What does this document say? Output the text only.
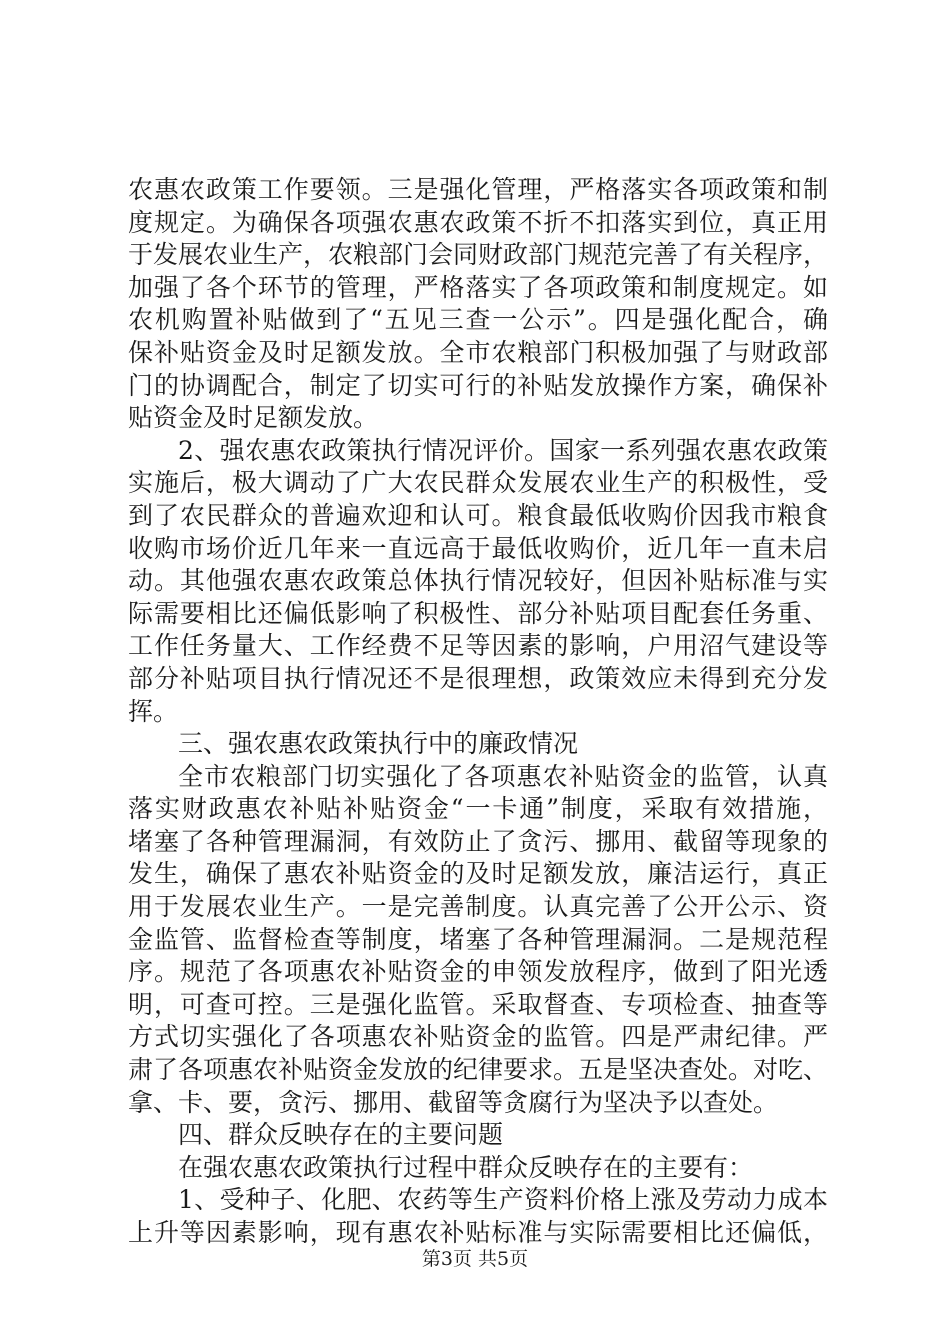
农惠农政策工作要领。三是强化管理，严格落实各项政策和制
度规定。为确保各项强农惠农政策不折不扣落实到位，真正用
于发展农业生产，农粮部门会同财政部门规范完善了有关程序，
加强了各个环节的管理，严格落实了各项政策和制度规定。如
农机购置补贴做到了“五见三查一公示”。四是强化配合，确
保补贴资金及时足额发放。全市农粮部门积极加强了与财政部
门的协调配合，制定了切实可行的补贴发放操作方案，确保补
贴资金及时足额发放。
2、强农惠农政策执行情况评价。国家一系列强农惠农政策
实施后，极大调动了广大农民群众发展农业生产的积极性，受
到了农民群众的普遍欢迎和认可。粮食最低收购价因我市粮食
收购市场价近几年来一直远高于最低收购价，近几年一直未启
动。其他强农惠农政策总体执行情况较好，但因补贴标准与实
际需要相比还偏低影响了积极性、部分补贴项目配套任务重、
工作任务量大、工作经费不足等因素的影响，户用沼气建设等
部分补贴项目执行情况还不是很理想，政策效应未得到充分发
挥。
三、强农惠农政策执行中的廉政情况
全市农粮部门切实强化了各项惠农补贴资金的监管，认真
落实财政惠农补贴补贴资金“一卡通”制度，采取有效措施，
堵塞了各种管理漏洞，有效防止了贪污、挪用、截留等现象的
发生，确保了惠农补贴资金的及时足额发放，廉洁运行，真正
用于发展农业生产。一是完善制度。认真完善了公开公示、资
金监管、监督检查等制度，堵塞了各种管理漏洞。二是规范程
序。规范了各项惠农补贴资金的申领发放程序，做到了阳光透
明，可查可控。三是强化监管。采取督查、专项检查、抽查等
方式切实强化了各项惠农补贴资金的监管。四是严肃纪律。严
肃了各项惠农补贴资金发放的纪律要求。五是坚决查处。对吃、
拿、卡、要，贪污、挪用、截留等贪腐行为坚决予以查处。
四、群众反映存在的主要问题
在强农惠农政策执行过程中群众反映存在的主要有：
1、受种子、化肥、农药等生产资料价格上涨及劳动力成本
上升等因素影响，现有惠农补贴标准与实际需要相比还偏低，
第3页 共5页
